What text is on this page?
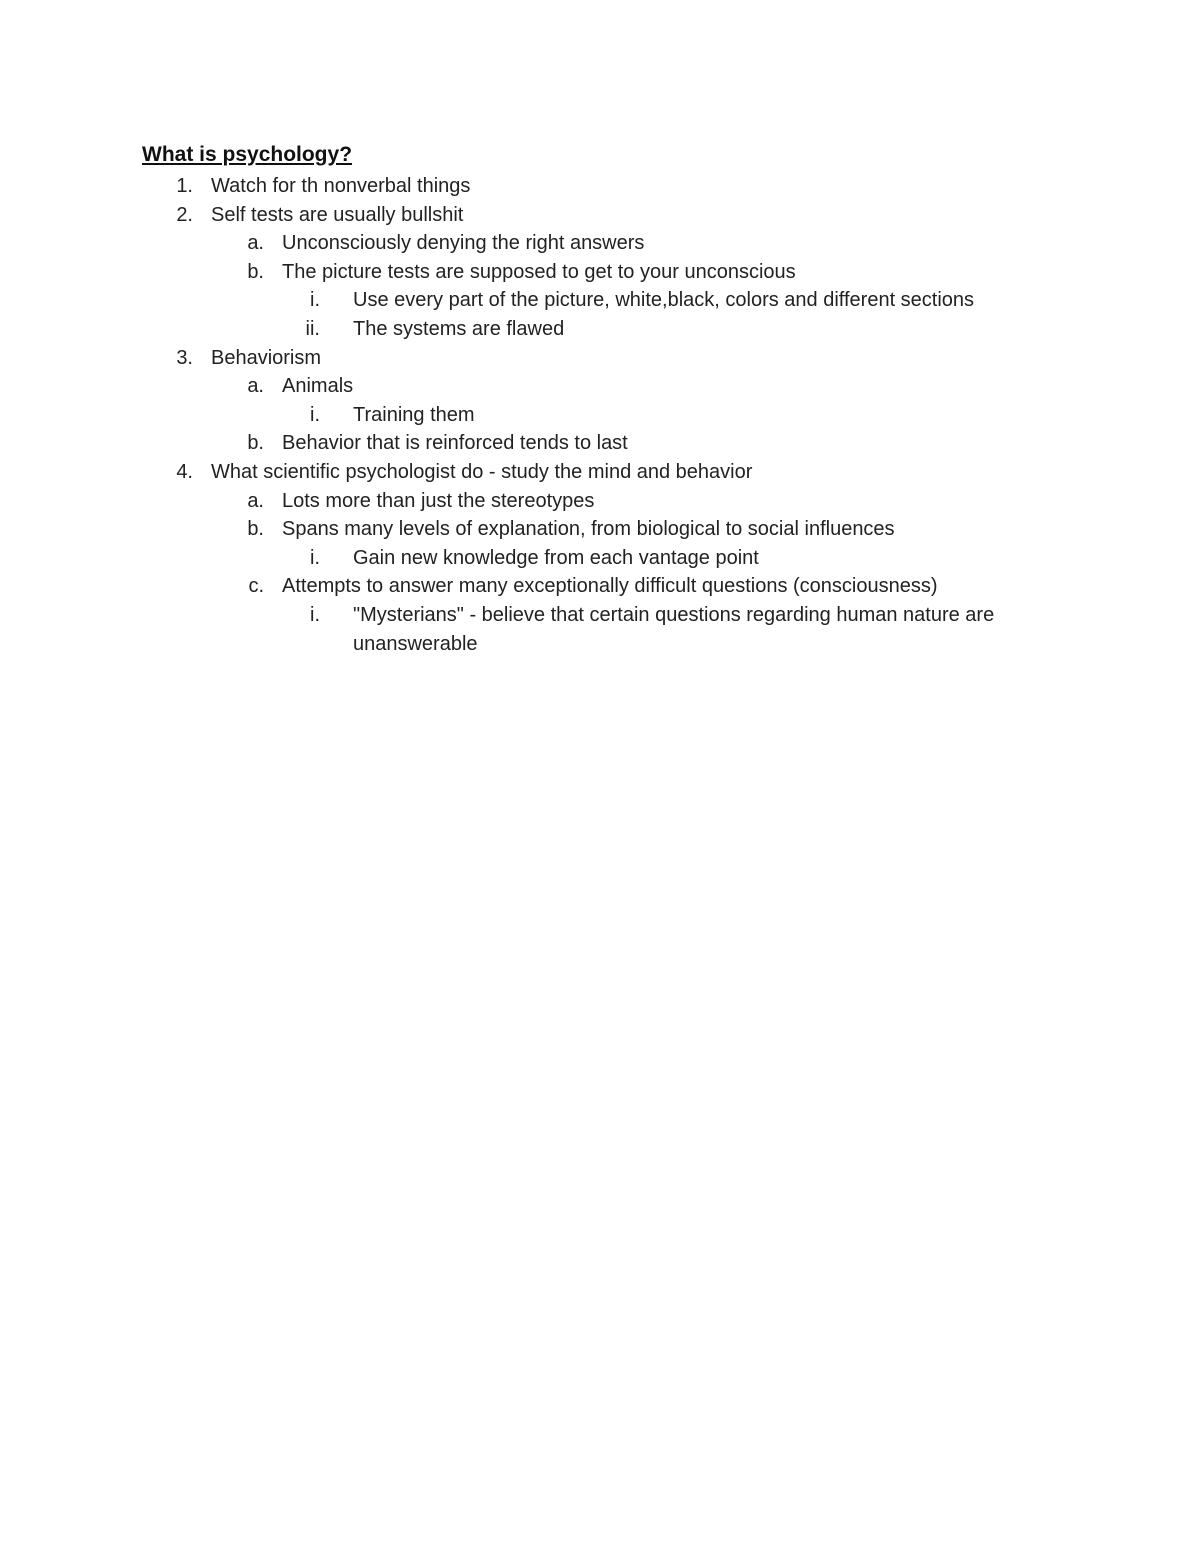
What is psychology?
1. Watch for th nonverbal things
2. Self tests are usually bullshit
a. Unconsciously denying the right answers
b. The picture tests are supposed to get to your unconscious
i. Use every part of the picture, white,black, colors and different sections
ii. The systems are flawed
3. Behaviorism
a. Animals
i. Training them
b. Behavior that is reinforced tends to last
4. What scientific psychologist do - study the mind and behavior
a. Lots more than just the stereotypes
b. Spans many levels of explanation, from biological to social influences
i. Gain new knowledge from each vantage point
c. Attempts to answer many exceptionally difficult questions (consciousness)
i. "Mysterians" - believe that certain questions regarding human nature are unanswerable
